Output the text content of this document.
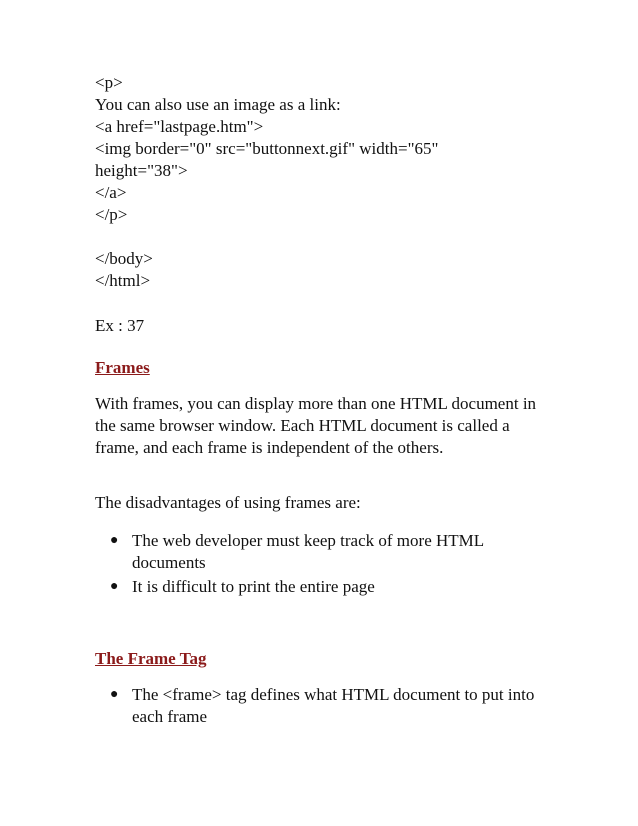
<p>
You can also use an image as a link:
<a href="lastpage.htm">
<img border="0" src="buttonnext.gif" width="65"
height="38">
</a>
</p>
</body>
</html>
Ex : 37
Frames
With frames, you can display more than one HTML document in the same browser window. Each HTML document is called a frame, and each frame is independent of the others.
The disadvantages of using frames are:
● The web developer must keep track of more HTML documents
● It is difficult to print the entire page
The Frame Tag
● The <frame> tag defines what HTML document to put into each frame
